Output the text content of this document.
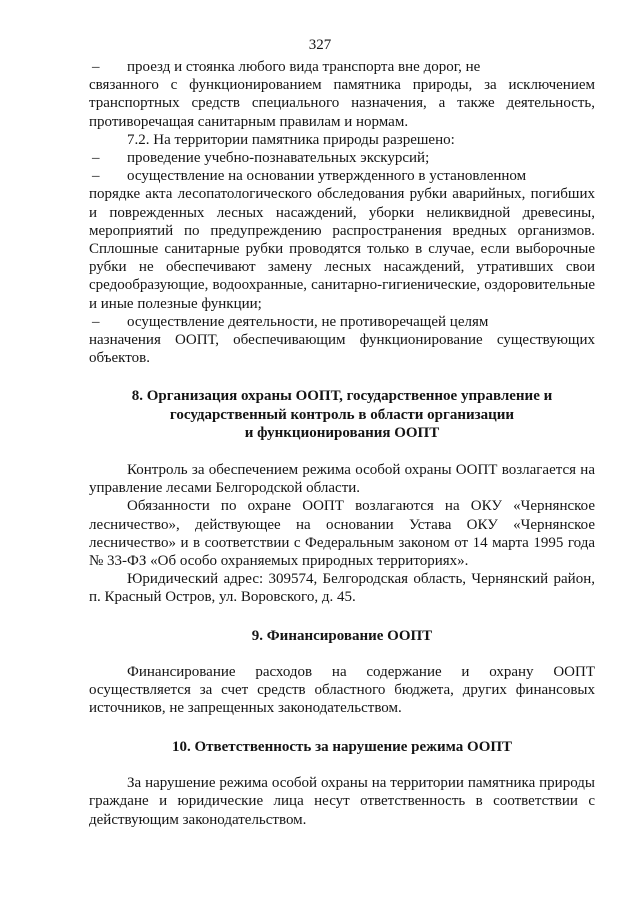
327
–	проезд и стоянка любого вида транспорта вне дорог, не

связанного с функционированием памятника природы, за исключением транспортных средств специального назначения, а также деятельность, противоречащая санитарным правилам и нормам.

7.2. На территории памятника природы разрешено:

–	проведение учебно-познавательных экскурсий;
–	осуществление на основании утвержденного в установленном

порядке акта лесопатологического обследования рубки аварийных, погибших и поврежденных лесных насаждений, уборки неликвидной древесины, мероприятий по предупреждению распространения вредных организмов. Сплошные санитарные рубки проводятся только в случае, если выборочные рубки не обеспечивают замену лесных насаждений, утративших свои средообразующие, водоохранные, санитарно-гигиенические, оздоровительные и иные полезные функции;

–	осуществление деятельности, не противоречащей целям

назначения ООПТ, обеспечивающим функционирование существующих объектов.

8. Организация охраны ООПТ, государственное управление и
государственный контроль в области организации
и функционирования ООПТ

Контроль за обеспечением режима особой охраны ООПТ возлагается на управление лесами Белгородской области.

Обязанности по охране ООПТ возлагаются на ОКУ «Чернянское лесничество», действующее на основании Устава ОКУ «Чернянское лесничество» и в соответствии с Федеральным законом от 14 марта 1995 года № 33-ФЗ «Об особо охраняемых природных территориях».

Юридический адрес: 309574, Белгородская область, Чернянский район, п. Красный Остров, ул. Воровского, д. 45.

9. Финансирование ООПТ

Финансирование расходов на содержание и охрану ООПТ осуществляется за счет средств областного бюджета, других финансовых источников, не запрещенных законодательством.

10. Ответственность за нарушение режима ООПТ

За нарушение режима особой охраны на территории памятника природы граждане и юридические лица несут ответственность в соответствии с действующим законодательством.
